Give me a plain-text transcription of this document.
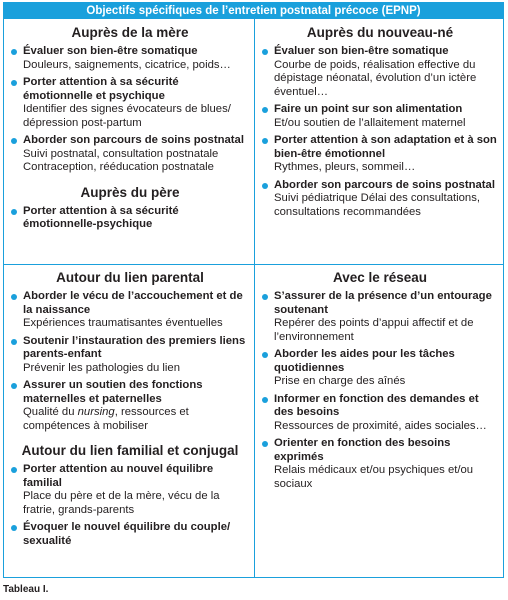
Objectifs spécifiques de l’entretien postnatal précoce (EPNP)
Auprès de la mère
Évaluer son bien-être somatique
Douleurs, saignements, cicatrice, poids…
Porter attention à sa sécurité émotionnelle et psychique
Identifier des signes évocateurs de blues/ dépression post-partum
Aborder son parcours de soins postnatal
Suivi postnatal, consultation postnatale Contraception, rééducation postnatale
Auprès du père
Porter attention à sa sécurité émotionnelle-psychique
Auprès du nouveau-né
Évaluer son bien-être somatique
Courbe de poids, réalisation effective du dépistage néonatal, évolution d’un ictère éventuel…
Faire un point sur son alimentation
Et/ou soutien de l’allaitement maternel
Porter attention à son adaptation et à son bien-être émotionnel
Rythmes, pleurs, sommeil…
Aborder son parcours de soins postnatal
Suivi pédiatrique Délai des consultations, consultations recommandées
Autour du lien parental
Aborder le vécu de l’accouchement et de la naissance
Expériences traumatisantes éventuelles
Soutenir l’instauration des premiers liens parents-enfant
Prévenir les pathologies du lien
Assurer un soutien des fonctions maternelles et paternelles
Qualité du nursing, ressources et compétences à mobiliser
Autour du lien familial et conjugal
Porter attention au nouvel équilibre familial
Place du père et de la mère, vécu de la fratrie, grands-parents
Évoquer le nouvel équilibre du couple/ sexualité
Avec le réseau
S’assurer de la présence d’un entourage soutenant
Repérer des points d’appui affectif et de l’environnement
Aborder les aides pour les tâches quotidiennes
Prise en charge des aînés
Informer en fonction des demandes et des besoins
Ressources de proximité, aides sociales…
Orienter en fonction des besoins exprimés
Relais médicaux et/ou psychiques et/ou sociaux
Tableau I.
